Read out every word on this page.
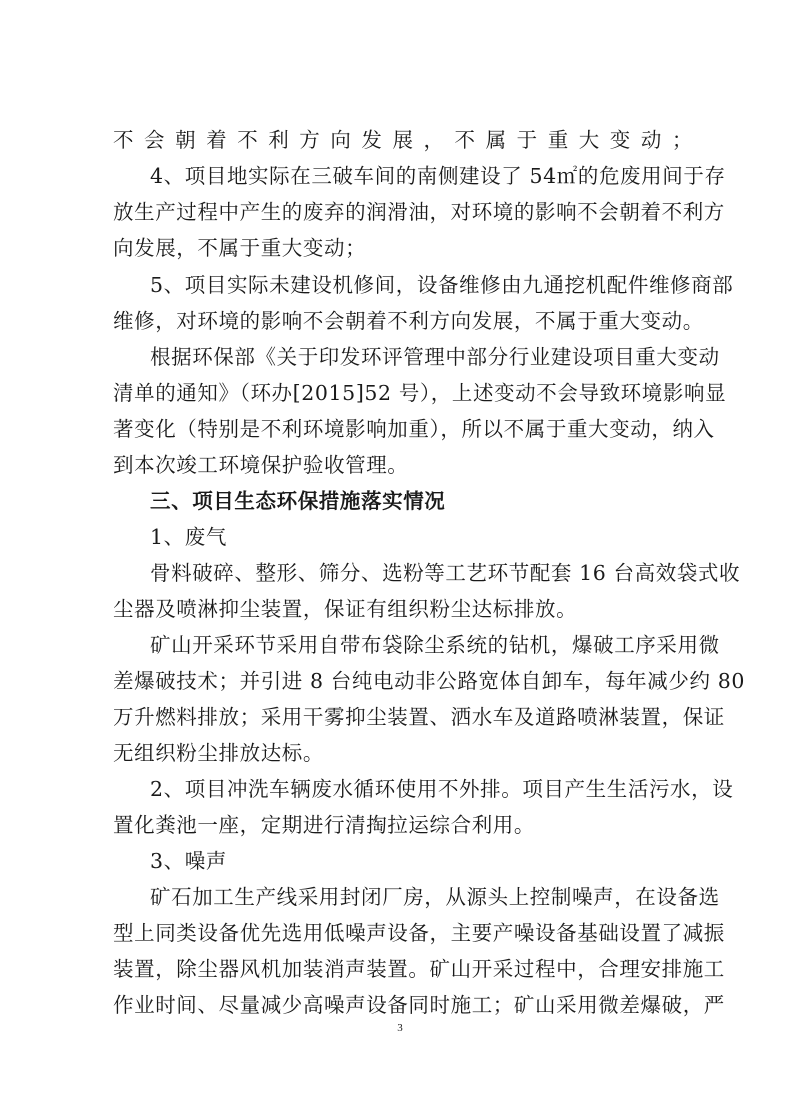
不会朝着不利方向发展，不属于重大变动；
4、项目地实际在三破车间的南侧建设了 54㎡的危废用间于存
放生产过程中产生的废弃的润滑油，对环境的影响不会朝着不利方
向发展，不属于重大变动；
5、项目实际未建设机修间，设备维修由九通挖机配件维修商部
维修，对环境的影响不会朝着不利方向发展，不属于重大变动。
根据环保部《关于印发环评管理中部分行业建设项目重大变动
清单的通知》（环办[2015]52 号），上述变动不会导致环境影响显
著变化（特别是不利环境影响加重），所以不属于重大变动，纳入
到本次竣工环境保护验收管理。
三、项目生态环保措施落实情况
1、废气
骨料破碎、整形、筛分、选粉等工艺环节配套 16 台高效袋式收
尘器及喷淋抑尘装置，保证有组织粉尘达标排放。
矿山开采环节采用自带布袋除尘系统的钻机，爆破工序采用微
差爆破技术；并引进 8 台纯电动非公路宽体自卸车，每年减少约 80
万升燃料排放；采用干雾抑尘装置、洒水车及道路喷淋装置，保证
无组织粉尘排放达标。
2、项目冲洗车辆废水循环使用不外排。项目产生生活污水，设
置化粪池一座，定期进行清掏拉运综合利用。
3、噪声
矿石加工生产线采用封闭厂房，从源头上控制噪声，在设备选
型上同类设备优先选用低噪声设备，主要产噪设备基础设置了减振
装置，除尘器风机加装消声装置。矿山开采过程中，合理安排施工
作业时间、尽量减少高噪声设备同时施工；矿山采用微差爆破，严
3
